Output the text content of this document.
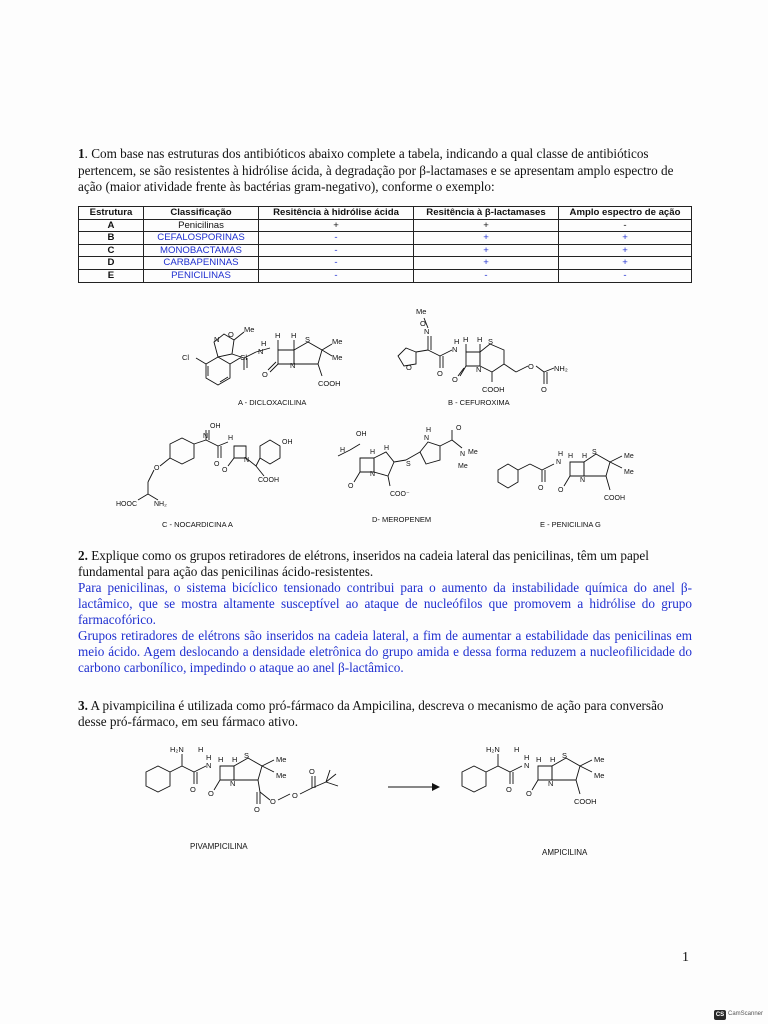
1. Com base nas estruturas dos antibióticos abaixo complete a tabela, indicando a qual classe de antibióticos pertencem, se são resistentes à hidrólise ácida, à degradação por β-lactamases e se apresentam amplo espectro de ação (maior atividade frente às bactérias gram-negativo), conforme o exemplo:
Estrutura	Classificação	Resitência à hidrólise ácida	Resitência à β-lactamases	Amplo espectro de ação
A	Penicilinas	+	+	-
B	CEFALOSPORINAS	-	+	+
C	MONOBACTAMAS	-	+	+
D	CARBAPENINAS	-	+	+
E	PENICILINAS	-	-	-
N
O
Me
Cl	Cl
N
H
H H S
N
O
Me
Me
COOH
A - DICLOXACILINA
Me
N
O
O
O
N
H H H S
N
O
O
O
NH₂
COOH
B - CEFUROXIMA
OH
N
O
O
H
N
O
COOH
OH
HOOC NH₂
C - NOCARDICINA A
OH
H	H
H
N
O
S
COO⁻
N
H	O
N Me
Me
D- MEROPENEM
N
H H H
S
N
O O
Me
Me
COOH
E - PENICILINA G
2. Explique como os grupos retiradores de elétrons, inseridos na cadeia lateral das penicilinas, têm um papel fundamental para ação das penicilinas ácido-resistentes.
Para penicilinas, o sistema bicíclico tensionado contribui para o aumento da instabilidade química do anel β-lactâmico, que se mostra altamente susceptível ao ataque de nucleófilos que promovem a hidrólise do grupo farmacofórico.
Grupos retiradores de elétrons são inseridos na cadeia lateral, a fim de aumentar a estabilidade das penicilinas em meio ácido. Agem deslocando a densidade eletrônica do grupo amida e dessa forma reduzem a nucleofilicidade do carbono carbonílico, impedindo o ataque ao anel β-lactâmico.
3. A pivampicilina é utilizada como pró-fármaco da Ampicilina, descreva o mecanismo de ação para conversão desse pró-fármaco, em seu fármaco ativo.
H₂N H
N
H H H S
N
O O
Me
Me
O
O
O
O
PIVAMPICILINA
H₂N H
N
H H H S
N
O O
Me
Me
COOH
AMPICILINA
1
CS CamScanner
